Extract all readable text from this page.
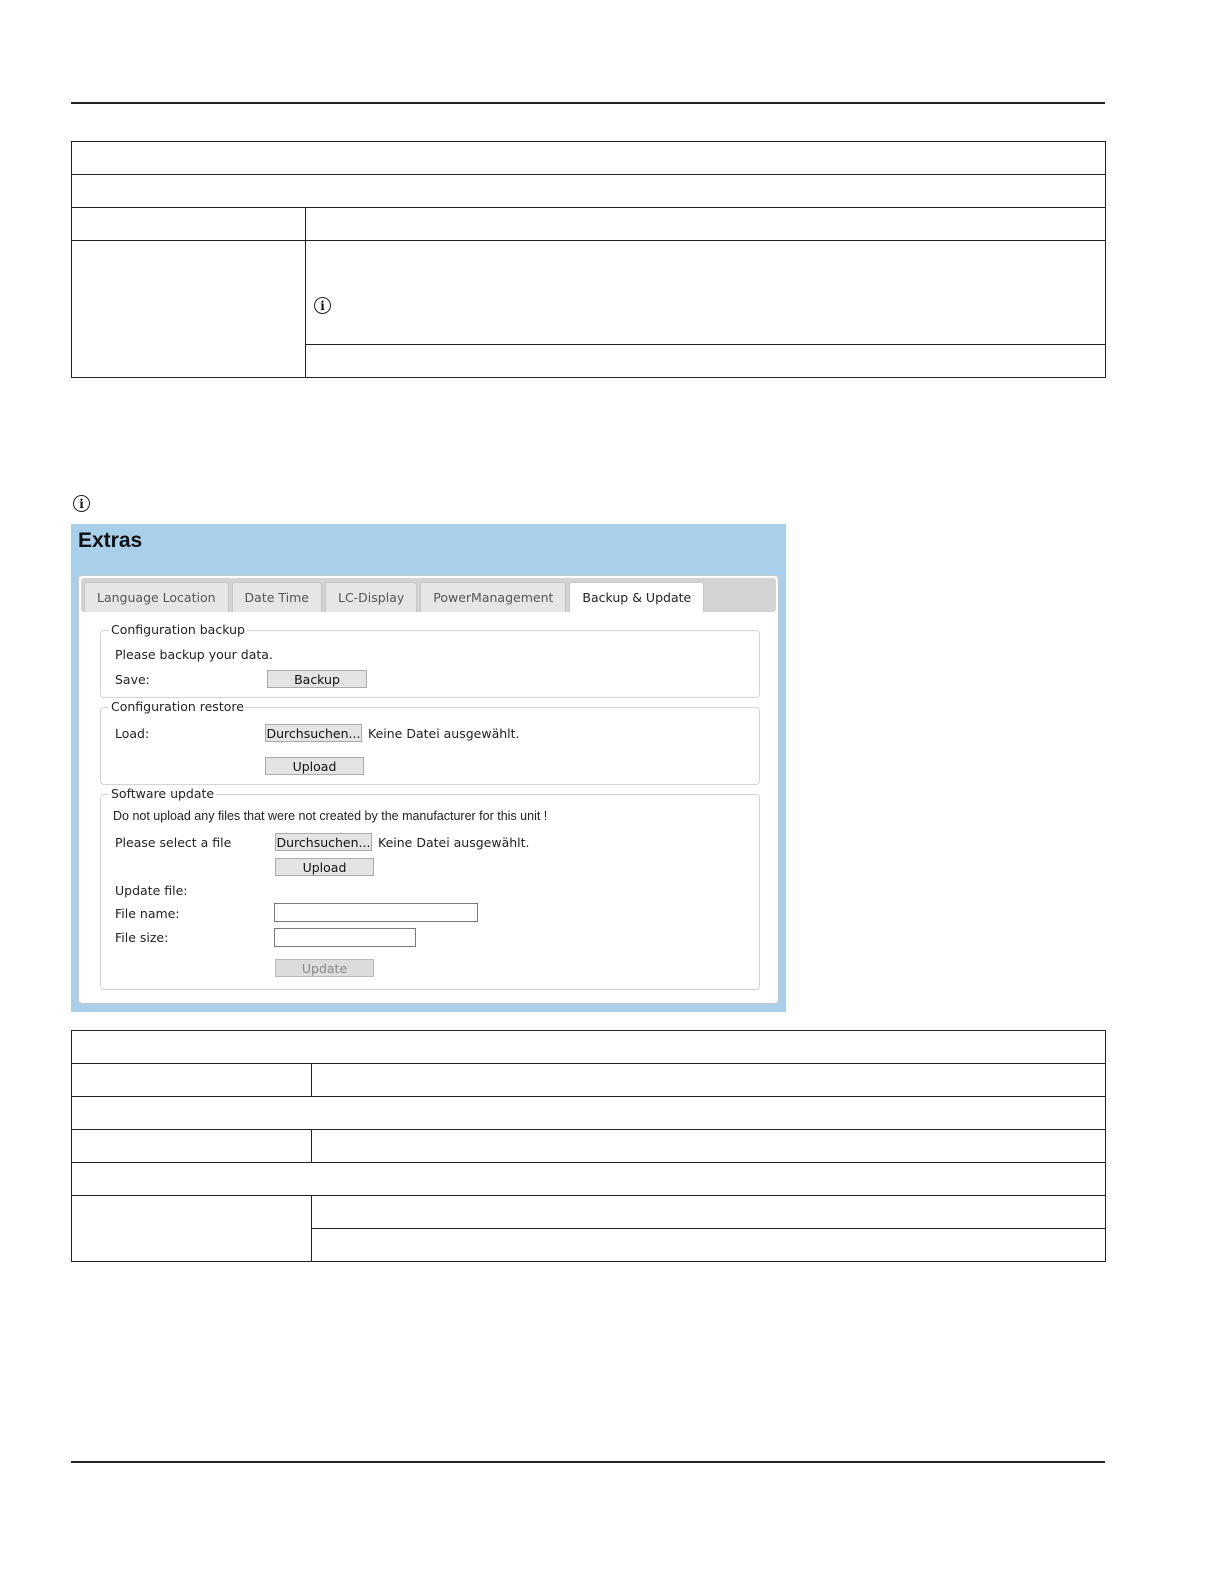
i

i
Extras
Language Location	Date Time	LC-Display	PowerManagement	Backup & Update
Configuration backup
Please backup your data.
Save:	Backup
Configuration restore
Load:	Durchsuchen... Keine Datei ausgewählt.
Upload
Software update
Do not upload any files that were not created by the manufacturer for this unit !
Please select a file	Durchsuchen... Keine Datei ausgewählt.
Upload
Update file:
File name:
File size:
Update
